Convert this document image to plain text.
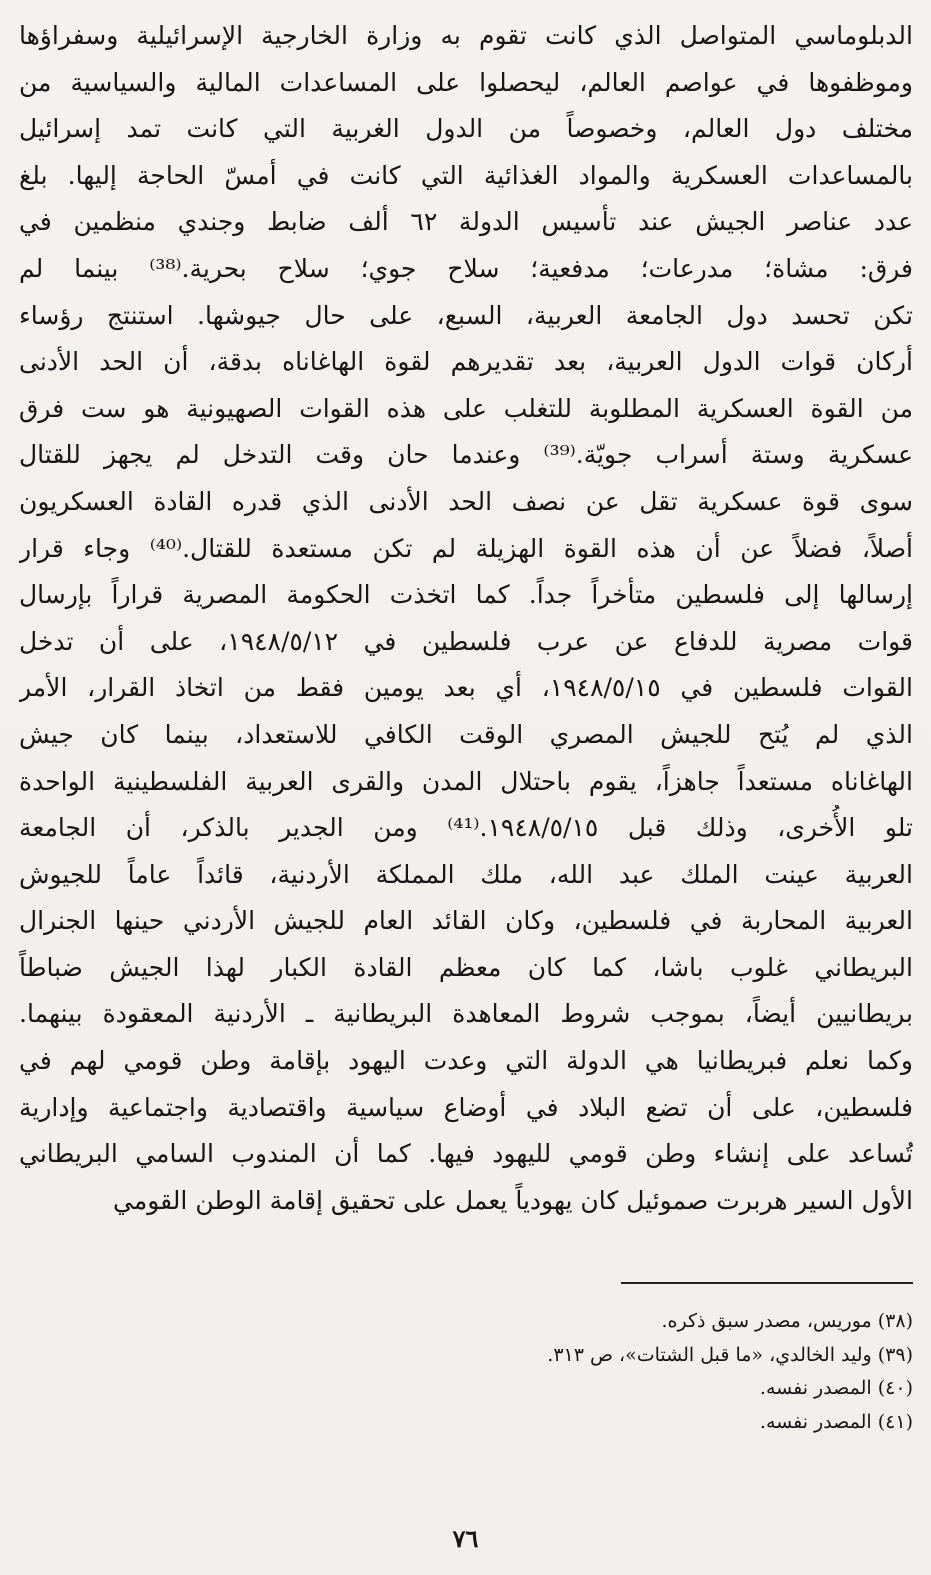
الدبلوماسي المتواصل الذي كانت تقوم به وزارة الخارجية الإسرائيلية وسفراؤها
وموظفوها في عواصم العالم، ليحصلوا على المساعدات المالية والسياسية من
مختلف دول العالم، وخصوصاً من الدول الغربية التي كانت تمد إسرائيل
بالمساعدات العسكرية والمواد الغذائية التي كانت في أمسّ الحاجة إليها. بلغ
عدد عناصر الجيش عند تأسيس الدولة ٦٢ ألف ضابط وجندي منظمين في
فرق: مشاة؛ مدرعات؛ مدفعية؛ سلاح جوي؛ سلاح بحرية.⁽³⁸⁾ بينما لم
تكن تحسد دول الجامعة العربية، السبع، على حال جيوشها. استنتج رؤساء
أركان قوات الدول العربية، بعد تقديرهم لقوة الهاغاناه بدقة، أن الحد الأدنى
من القوة العسكرية المطلوبة للتغلب على هذه القوات الصهيونية هو ست فرق
عسكرية وستة أسراب جويّة.⁽³⁹⁾ وعندما حان وقت التدخل لم يجهز للقتال
سوى قوة عسكرية تقل عن نصف الحد الأدنى الذي قدره القادة العسكريون
أصلاً، فضلاً عن أن هذه القوة الهزيلة لم تكن مستعدة للقتال.⁽⁴⁰⁾ وجاء قرار
إرسالها إلى فلسطين متأخراً جداً. كما اتخذت الحكومة المصرية قراراً بإرسال
قوات مصرية للدفاع عن عرب فلسطين في ١٩٤٨/٥/١٢، على أن تدخل
القوات فلسطين في ١٩٤٨/٥/١٥، أي بعد يومين فقط من اتخاذ القرار، الأمر
الذي لم يُتح للجيش المصري الوقت الكافي للاستعداد، بينما كان جيش
الهاغاناه مستعداً جاهزاً، يقوم باحتلال المدن والقرى العربية الفلسطينية الواحدة
تلو الأُخرى، وذلك قبل ١٩٤٨/٥/١٥.⁽⁴¹⁾ ومن الجدير بالذكر، أن الجامعة
العربية عينت الملك عبد الله، ملك المملكة الأردنية، قائداً عاماً للجيوش
العربية المحاربة في فلسطين، وكان القائد العام للجيش الأردني حينها الجنرال
البريطاني غلوب باشا، كما كان معظم القادة الكبار لهذا الجيش ضباطاً
بريطانيين أيضاً، بموجب شروط المعاهدة البريطانية ـ الأردنية المعقودة بينهما.
وكما نعلم فبريطانيا هي الدولة التي وعدت اليهود بإقامة وطن قومي لهم في
فلسطين، على أن تضع البلاد في أوضاع سياسية واقتصادية واجتماعية وإدارية
تُساعد على إنشاء وطن قومي لليهود فيها. كما أن المندوب السامي البريطاني
الأول السير هربرت صموئيل كان يهودياً يعمل على تحقيق إقامة الوطن القومي
(٣٨) موريس، مصدر سبق ذكره.
(٣٩) وليد الخالدي، «ما قبل الشتات»، ص ٣١٣.
(٤٠) المصدر نفسه.
(٤١) المصدر نفسه.
٧٦
